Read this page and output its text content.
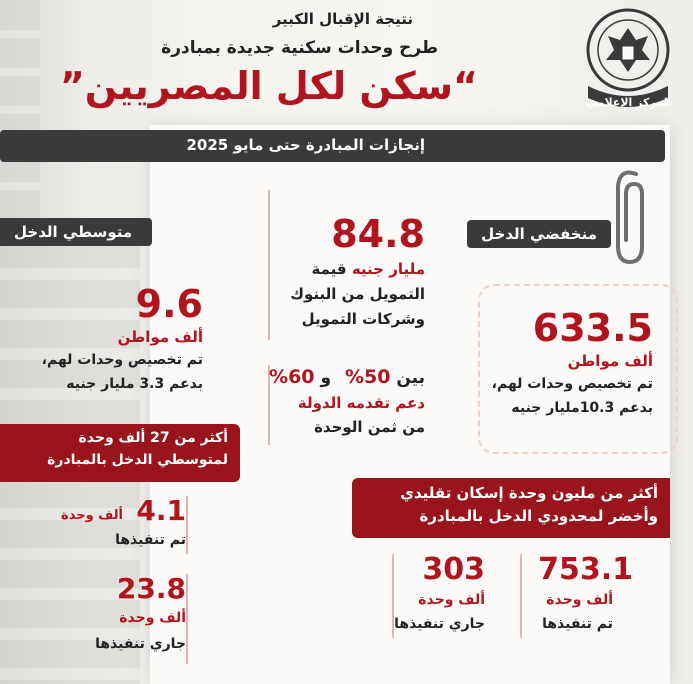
نتيجة الإقبال الكبير
طرح وحدات سكنية جديدة بمبادرة
“سكن لكل المصريين”	المركز الإعلامي
إنجازات المبادرة حتى مايو 2025
منخفضي الدخل
633.5
ألف مواطن
تم تخصيص وحدات لهم،
بدعم 10.3مليار جنيه
84.8
مليار جنيه قيمة
التمويل من البنوك
وشركات التمويل
بين 50% و 60%
دعم تقدمه الدولة
من ثمن الوحدة
متوسطي الدخل
9.6
ألف مواطن
تم تخصيص وحدات لهم،
بدعم 3.3 مليار جنيه
أكثر من 27 ألف وحدة
لمتوسطي الدخل بالمبادرة
4.1
ألف وحدة
تم تنفيذها
23.8
ألف وحدة
جاري تنفيذها
أكثر من مليون وحدة إسكان تقليدي
وأخضر لمحدودي الدخل بالمبادرة
753.1
ألف وحدة
تم تنفيذها
303
ألف وحدة
جاري تنفيذها
